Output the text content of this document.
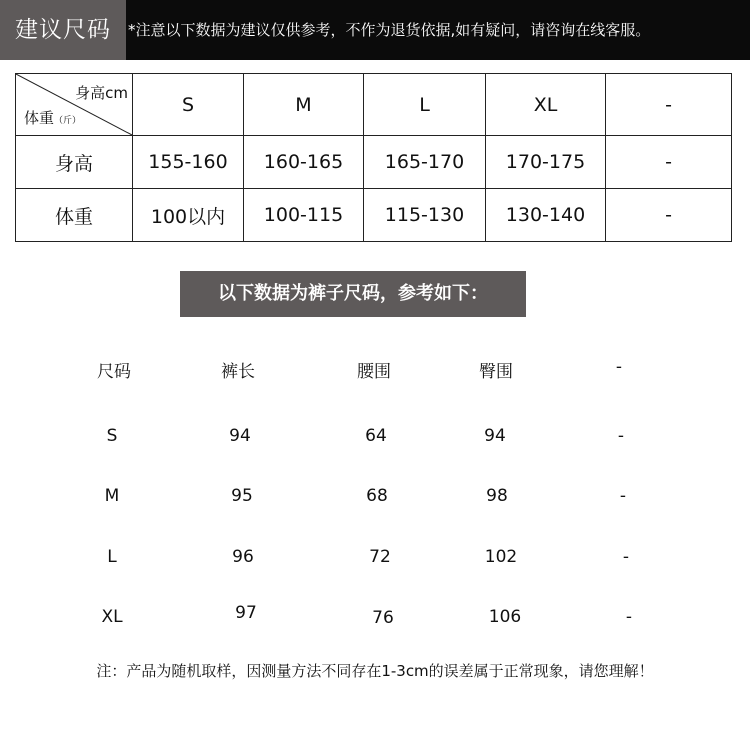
建议尺码	*注意以下数据为建议仅供参考，不作为退货依据,如有疑问，请咨询在线客服。
身高cm
体重（斤）	S	M	L	XL	-
身高	155-160	160-165	165-170	170-175	-
体重	100以内	100-115	115-130	130-140	-
以下数据为裤子尺码，参考如下：
尺码	裤长	腰围	臀围	-
S	94	64	94	-
M	95	68	98	-
L	96	72	102	-
XL	97	76	106	-
注：产品为随机取样，因测量方法不同存在1-3cm的误差属于正常现象，请您理解！
